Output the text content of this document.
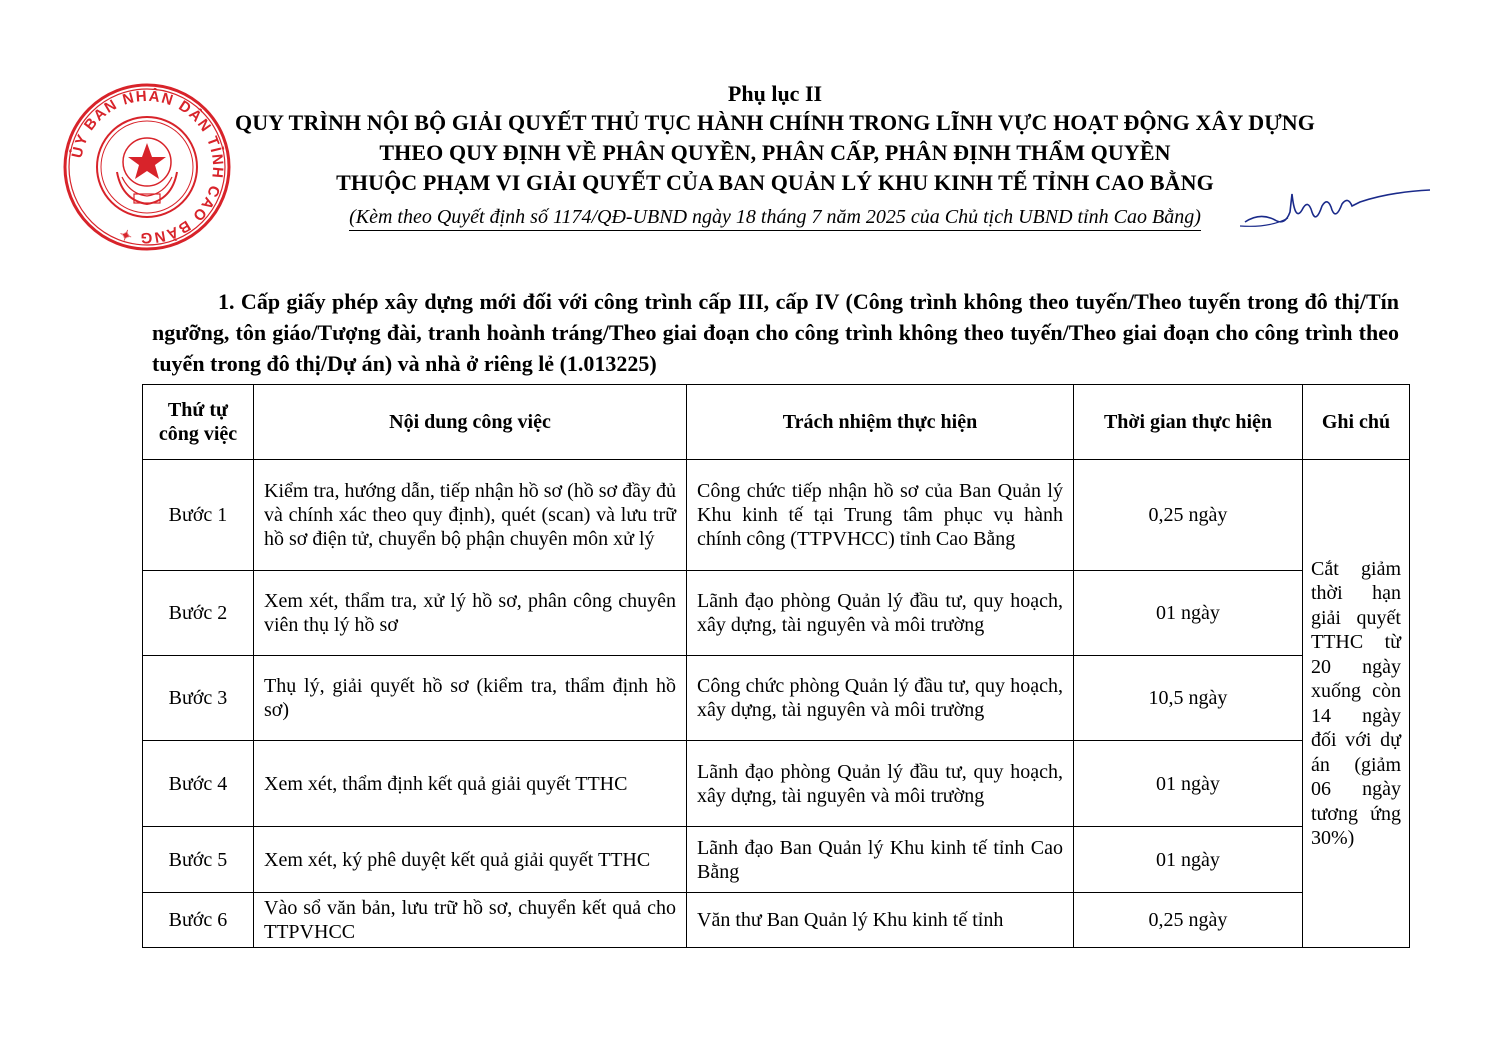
ỦY BAN NHÂN DÂN TỈNH CAO BẰNG ✦
Phụ lục II
QUY TRÌNH NỘI BỘ GIẢI QUYẾT THỦ TỤC HÀNH CHÍNH TRONG LĨNH VỰC HOẠT ĐỘNG XÂY DỰNG
THEO QUY ĐỊNH VỀ PHÂN QUYỀN, PHÂN CẤP, PHÂN ĐỊNH THẨM QUYỀN
THUỘC PHẠM VI GIẢI QUYẾT CỦA BAN QUẢN LÝ KHU KINH TẾ TỈNH CAO BẰNG
(Kèm theo Quyết định số 1174/QĐ-UBND ngày 18 tháng 7 năm 2025 của Chủ tịch UBND tỉnh Cao Bằng)
1. Cấp giấy phép xây dựng mới đối với công trình cấp III, cấp IV (Công trình không theo tuyến/Theo tuyến trong đô thị/Tín ngưỡng, tôn giáo/Tượng đài, tranh hoành tráng/Theo giai đoạn cho công trình không theo tuyến/Theo giai đoạn cho công trình theo tuyến trong đô thị/Dự án) và nhà ở riêng lẻ (1.013225)
Thứ tự công việc	Nội dung công việc	Trách nhiệm thực hiện	Thời gian thực hiện	Ghi chú
Bước 1	Kiểm tra, hướng dẫn, tiếp nhận hồ sơ (hồ sơ đầy đủ và chính xác theo quy định), quét (scan) và lưu trữ hồ sơ điện tử, chuyển bộ phận chuyên môn xử lý	Công chức tiếp nhận hồ sơ của Ban Quản lý Khu kinh tế tại Trung tâm phục vụ hành chính công (TTPVHCC) tỉnh Cao Bằng	0,25 ngày	Cắt giảm thời hạn giải quyết TTHC từ 20 ngày xuống còn 14 ngày đối với dự án (giảm 06 ngày tương ứng 30%)
Bước 2	Xem xét, thẩm tra, xử lý hồ sơ, phân công chuyên viên thụ lý hồ sơ	Lãnh đạo phòng Quản lý đầu tư, quy hoạch, xây dựng, tài nguyên và môi trường	01 ngày	
Bước 3	Thụ lý, giải quyết hồ sơ (kiểm tra, thẩm định hồ sơ)	Công chức phòng Quản lý đầu tư, quy hoạch, xây dựng, tài nguyên và môi trường	10,5 ngày	
Bước 4	Xem xét, thẩm định kết quả giải quyết TTHC	Lãnh đạo phòng Quản lý đầu tư, quy hoạch, xây dựng, tài nguyên và môi trường	01 ngày	
Bước 5	Xem xét, ký phê duyệt kết quả giải quyết TTHC	Lãnh đạo Ban Quản lý Khu kinh tế tỉnh Cao Bằng	01 ngày	
Bước 6	Vào sổ văn bản, lưu trữ hồ sơ, chuyển kết quả cho TTPVHCC	Văn thư Ban Quản lý Khu kinh tế tỉnh	0,25 ngày	
